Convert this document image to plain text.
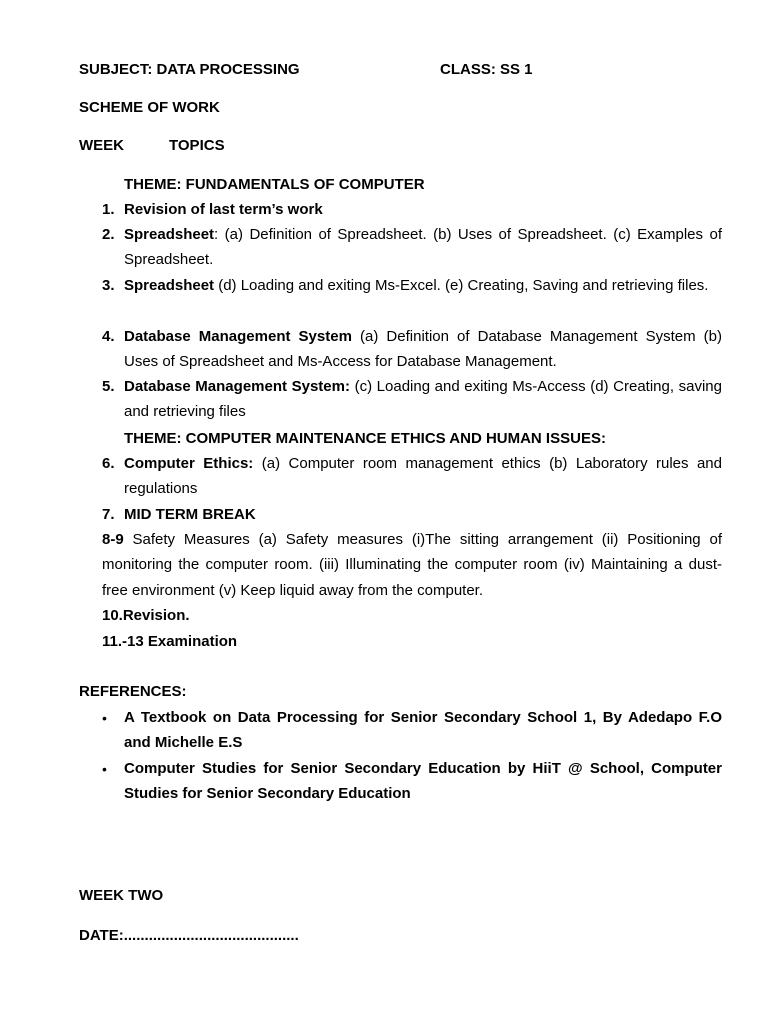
SUBJECT: DATA PROCESSING	CLASS: SS 1
SCHEME OF WORK
WEEK	TOPICS
THEME: FUNDAMENTALS OF COMPUTER
1. Revision of last term’s work
2. Spreadsheet: (a) Definition of Spreadsheet. (b) Uses of Spreadsheet. (c) Examples of Spreadsheet.
3. Spreadsheet (d) Loading and exiting Ms-Excel. (e) Creating, Saving and retrieving files.
4. Database Management System (a) Definition of Database Management System (b) Uses of Spreadsheet and Ms-Access for Database Management.
5. Database Management System: (c) Loading and exiting Ms-Access (d) Creating, saving and retrieving files
THEME: COMPUTER MAINTENANCE ETHICS AND HUMAN ISSUES:
6. Computer Ethics: (a) Computer room management ethics (b) Laboratory rules and regulations
7. MID TERM BREAK
8-9 Safety Measures (a) Safety measures (i)The sitting arrangement (ii) Positioning of monitoring the computer room. (iii) Illuminating the computer room (iv) Maintaining a dust-free environment (v) Keep liquid away from the computer.
10.Revision.
11.-13 Examination
REFERENCES:
• A Textbook on Data Processing for Senior Secondary School 1, By Adedapo F.O and Michelle E.S
• Computer Studies for Senior Secondary Education by HiiT @ School, Computer Studies for Senior Secondary Education
WEEK TWO
DATE:..........................................
